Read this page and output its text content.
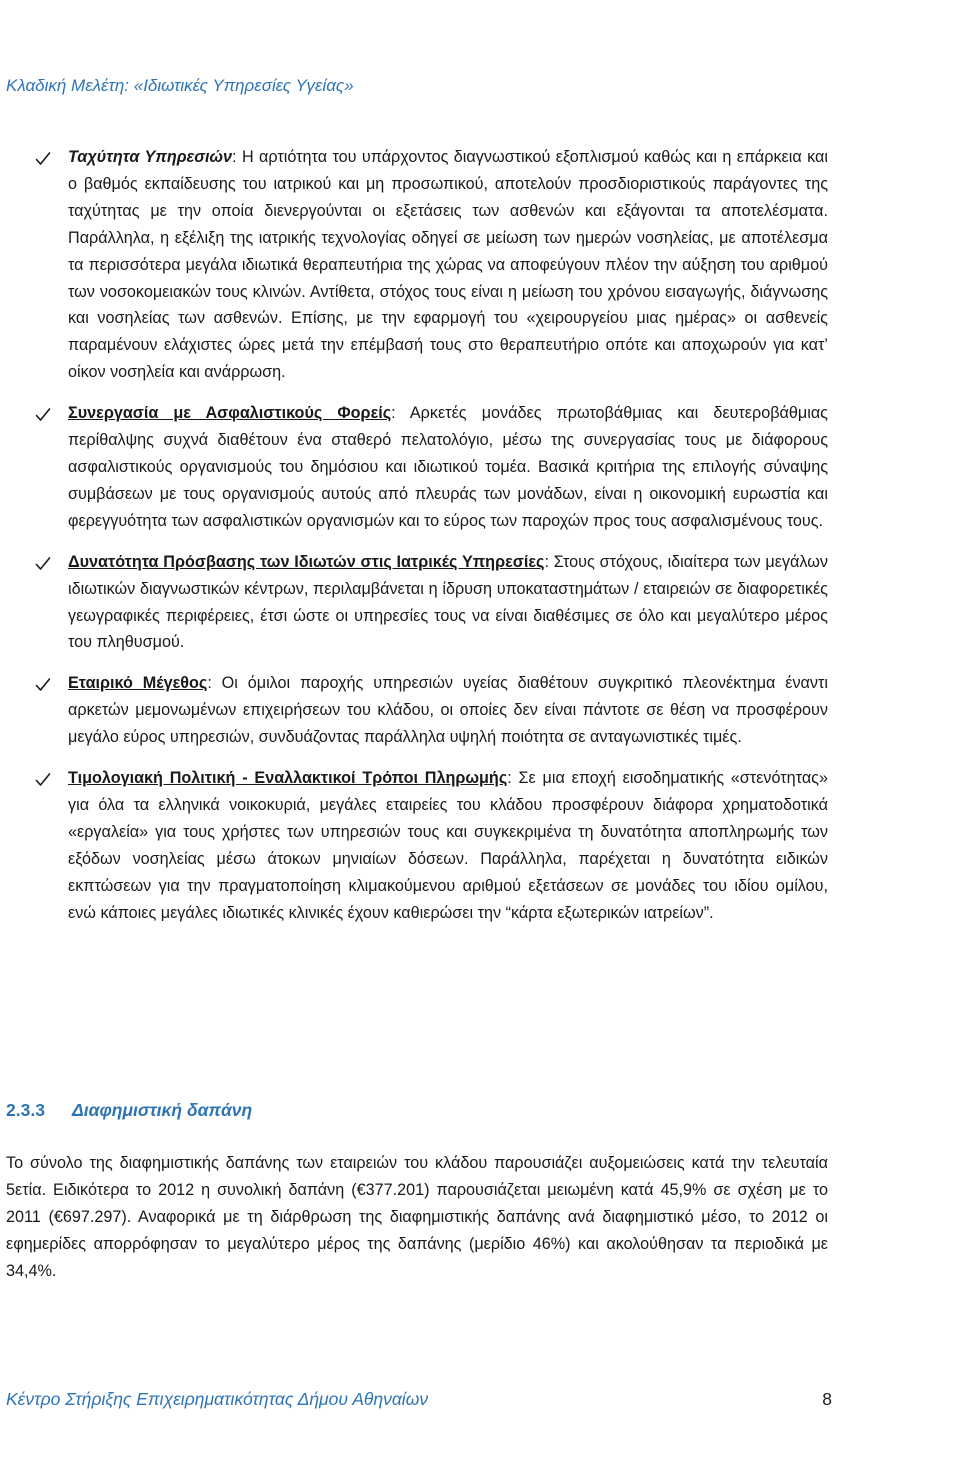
Κλαδική Μελέτη: «Ιδιωτικές Υπηρεσίες Υγείας»
Ταχύτητα Υπηρεσιών: Η αρτιότητα του υπάρχοντος διαγνωστικού εξοπλισμού καθώς και η επάρκεια και ο βαθμός εκπαίδευσης του ιατρικού και μη προσωπικού, αποτελούν προσδιοριστικούς παράγοντες της ταχύτητας με την οποία διενεργούνται οι εξετάσεις των ασθενών και εξάγονται τα αποτελέσματα. Παράλληλα, η εξέλιξη της ιατρικής τεχνολογίας οδηγεί σε μείωση των ημερών νοσηλείας, με αποτέλεσμα τα περισσότερα μεγάλα ιδιωτικά θεραπευτήρια της χώρας να αποφεύγουν πλέον την αύξηση του αριθμού των νοσοκομειακών τους κλινών. Αντίθετα, στόχος τους είναι η μείωση του χρόνου εισαγωγής, διάγνωσης και νοσηλείας των ασθενών. Επίσης, με την εφαρμογή του «χειρουργείου μιας ημέρας» οι ασθενείς παραμένουν ελάχιστες ώρες μετά την επέμβασή τους στο θεραπευτήριο οπότε και αποχωρούν για κατ’ οίκον νοσηλεία και ανάρρωση.
Συνεργασία με Ασφαλιστικούς Φορείς: Αρκετές μονάδες πρωτοβάθμιας και δευτεροβάθμιας περίθαλψης συχνά διαθέτουν ένα σταθερό πελατολόγιο, μέσω της συνεργασίας τους με διάφορους ασφαλιστικούς οργανισμούς του δημόσιου και ιδιωτικού τομέα. Βασικά κριτήρια της επιλογής σύναψης συμβάσεων με τους οργανισμούς αυτούς από πλευράς των μονάδων, είναι η οικονομική ευρωστία και φερεγγυότητα των ασφαλιστικών οργανισμών και το εύρος των παροχών προς τους ασφαλισμένους τους.
Δυνατότητα Πρόσβασης των Ιδιωτών στις Ιατρικές Υπηρεσίες: Στους στόχους, ιδιαίτερα των μεγάλων ιδιωτικών διαγνωστικών κέντρων, περιλαμβάνεται η ίδρυση υποκαταστημάτων / εταιρειών σε διαφορετικές γεωγραφικές περιφέρειες, έτσι ώστε οι υπηρεσίες τους να είναι διαθέσιμες σε όλο και μεγαλύτερο μέρος του πληθυσμού.
Εταιρικό Μέγεθος: Οι όμιλοι παροχής υπηρεσιών υγείας διαθέτουν συγκριτικό πλεονέκτημα έναντι αρκετών μεμονωμένων επιχειρήσεων του κλάδου, οι οποίες δεν είναι πάντοτε σε θέση να προσφέρουν μεγάλο εύρος υπηρεσιών, συνδυάζοντας παράλληλα υψηλή ποιότητα σε ανταγωνιστικές τιμές.
Τιμολογιακή Πολιτική - Εναλλακτικοί Τρόποι Πληρωμής: Σε μια εποχή εισοδηματικής «στενότητας» για όλα τα ελληνικά νοικοκυριά, μεγάλες εταιρείες του κλάδου προσφέρουν διάφορα χρηματοδοτικά «εργαλεία» για τους χρήστες των υπηρεσιών τους και συγκεκριμένα τη δυνατότητα αποπληρωμής των εξόδων νοσηλείας μέσω άτοκων μηνιαίων δόσεων. Παράλληλα, παρέχεται η δυνατότητα ειδικών εκπτώσεων για την πραγματοποίηση κλιμακούμενου αριθμού εξετάσεων σε μονάδες του ιδίου ομίλου, ενώ κάποιες μεγάλες ιδιωτικές κλινικές έχουν καθιερώσει την “κάρτα εξωτερικών ιατρείων”.
2.3.3 Διαφημιστική δαπάνη
Το σύνολο της διαφημιστικής δαπάνης των εταιρειών του κλάδου παρουσιάζει αυξομειώσεις κατά την τελευταία 5ετία. Ειδικότερα το 2012 η συνολική δαπάνη (€377.201) παρουσιάζεται μειωμένη κατά 45,9% σε σχέση με το 2011 (€697.297). Αναφορικά με τη διάρθρωση της διαφημιστικής δαπάνης ανά διαφημιστικό μέσο, το 2012 οι εφημερίδες απορρόφησαν το μεγαλύτερο μέρος της δαπάνης (μερίδιο 46%) και ακολούθησαν τα περιοδικά με 34,4%.
Κέντρο Στήριξης Επιχειρηματικότητας Δήμου Αθηναίων	8
